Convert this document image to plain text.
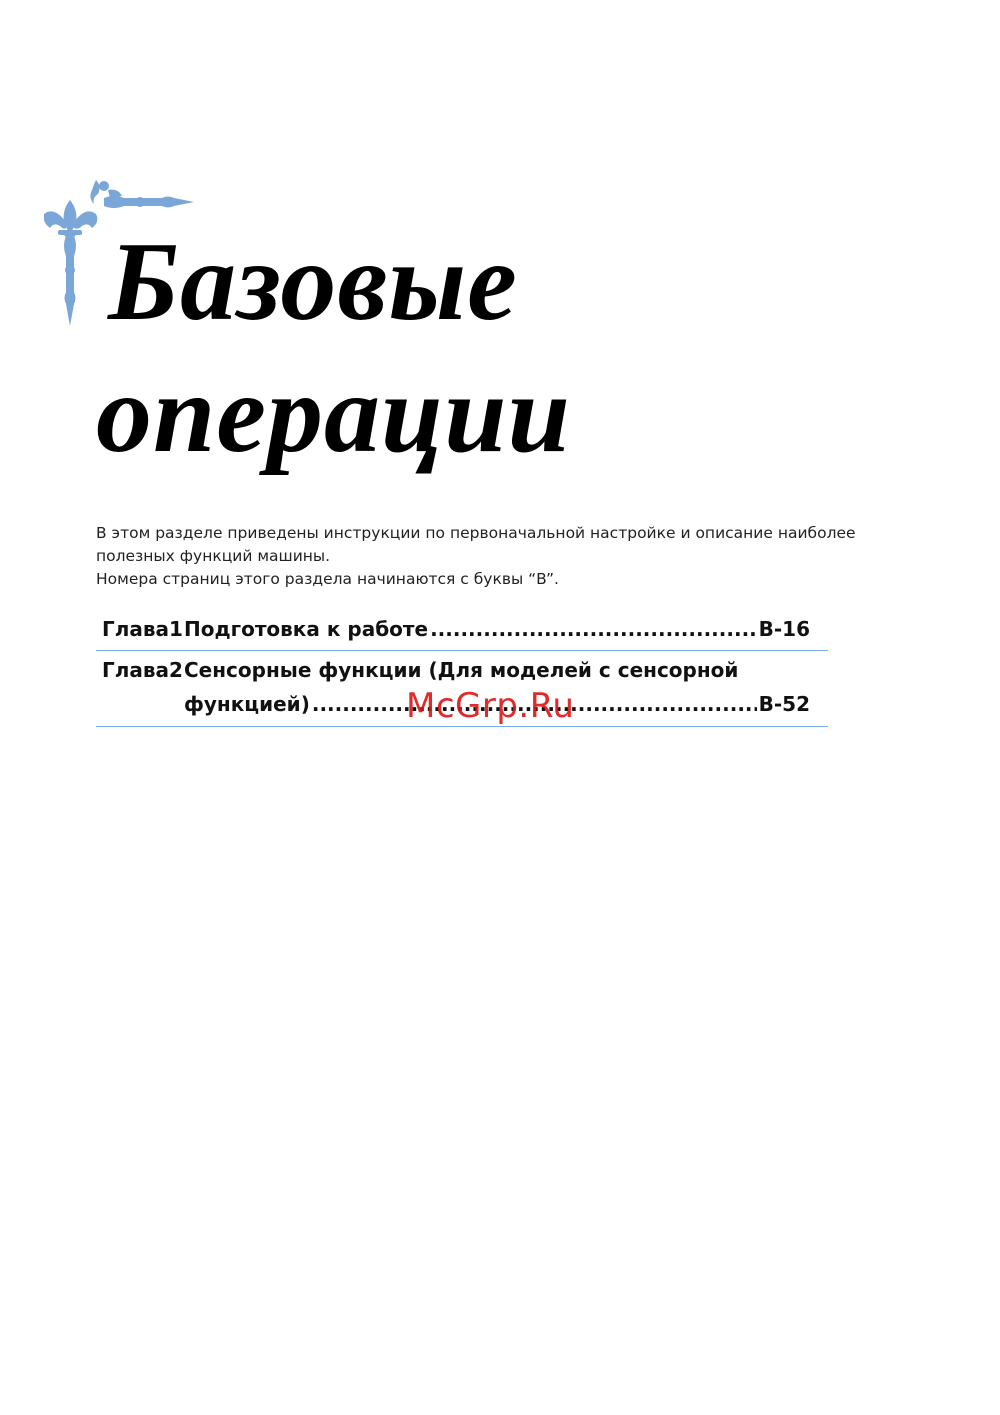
Базовые
операции

В этом разделе приведены инструкции по первоначальной настройке и описание наиболее

полезных функций машины.

Номера страниц этого раздела начинаются с буквы “B”.

Глава1 Подготовка к работе .....	B-16
Глава2 Сенсорные функции (Для моделей с сенсорной
функцией) .....	B-52
McGrp.Ru
